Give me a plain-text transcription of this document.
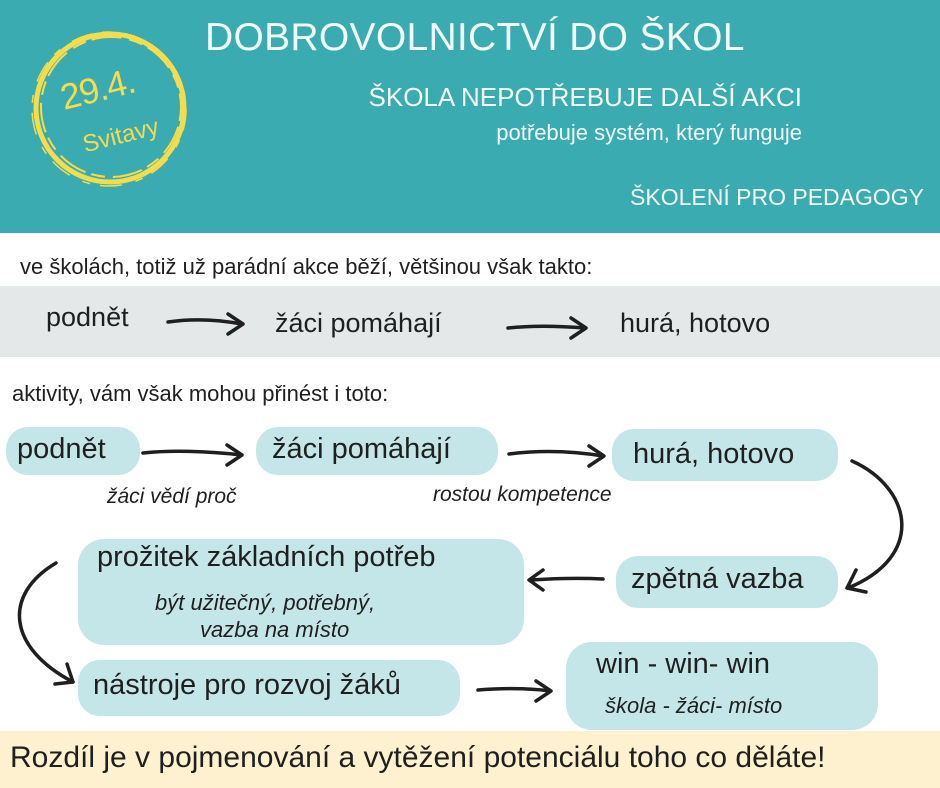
29.4.
Svitavy
DOBROVOLNICTVÍ DO ŠKOL
ŠKOLA NEPOTŘEBUJE DALŠÍ AKCI
potřebuje systém, který funguje
ŠKOLENÍ PRO PEDAGOGY
ve školách, totiž už parádní akce běží, většinou však takto:
podnět	žáci pomáhají	hurá, hotovo
aktivity, vám však mohou přinést i toto:
podnět	žáci pomáhají	hurá, hotovo
žáci vědí proč	rostou kompetence
zpětná vazba
prožitek základních potřeb
být užitečný, potřebný,
vazba na místo
nástroje pro rozvoj žáků
win - win- win
škola - žáci- místo
Rozdíl je v pojmenování a vytěžení potenciálu toho co děláte!
